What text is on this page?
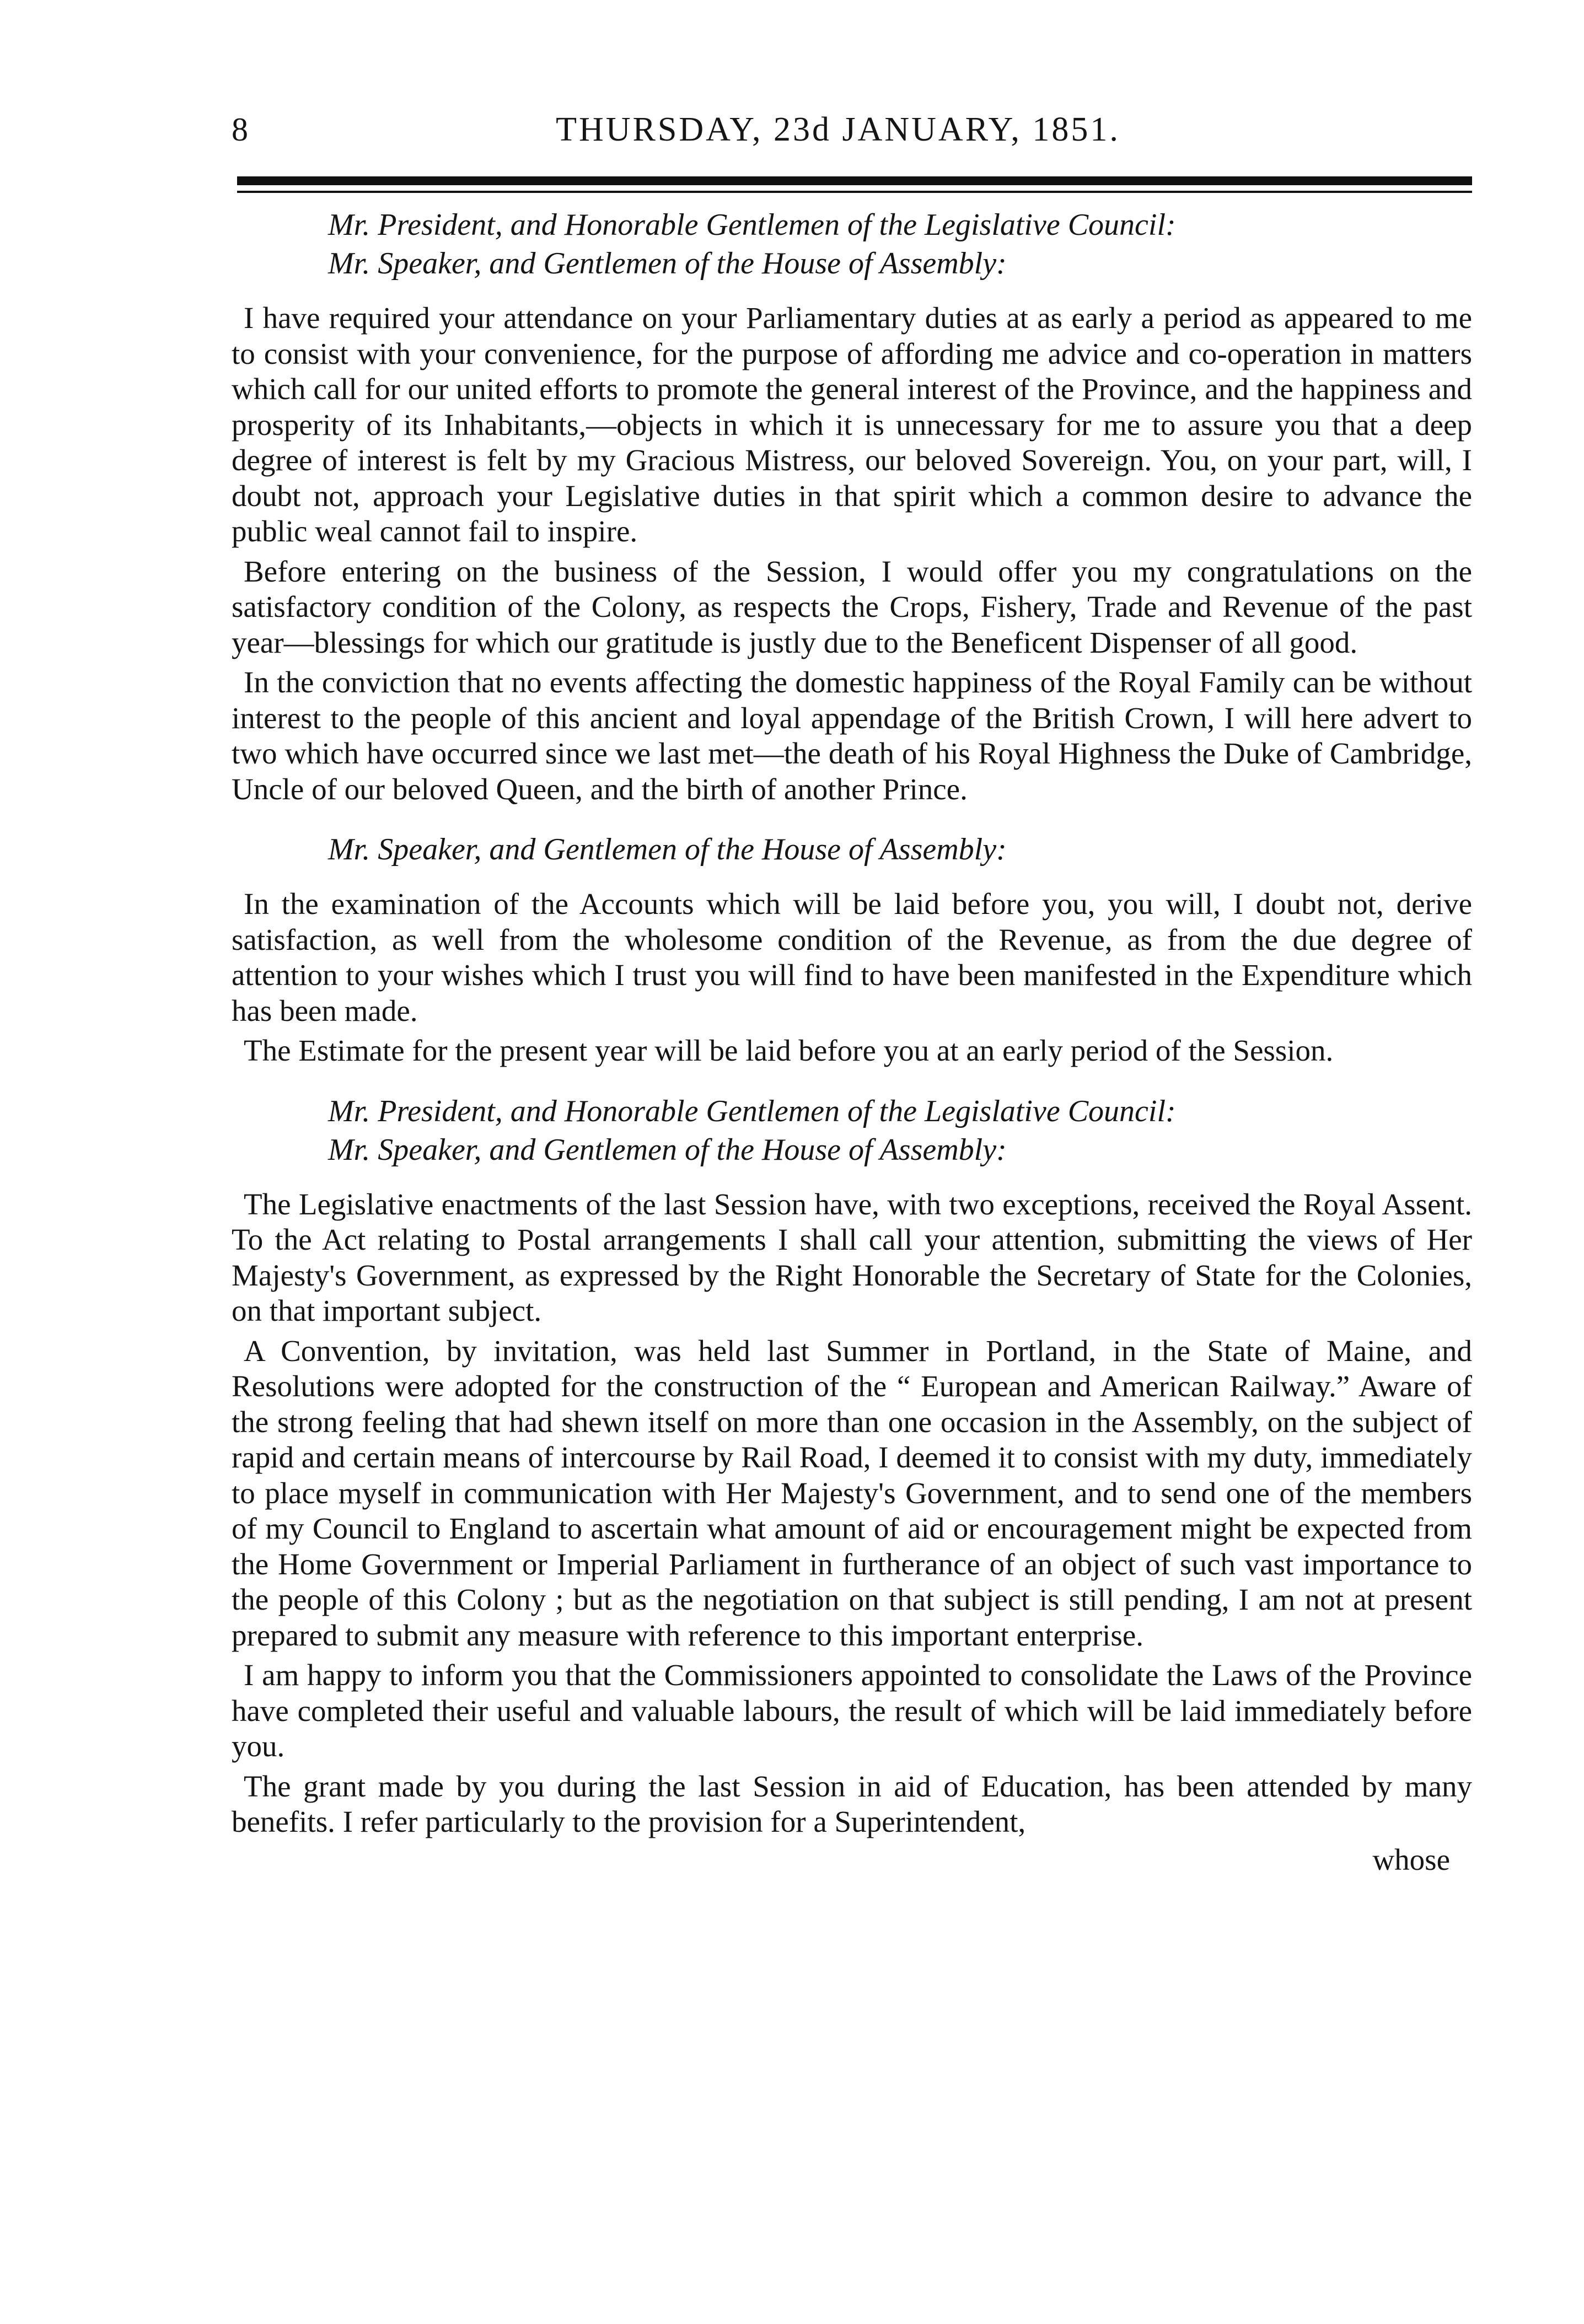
8	THURSDAY, 23d JANUARY, 1851.

Mr. President, and Honorable Gentlemen of the Legislative Council:

Mr. Speaker, and Gentlemen of the House of Assembly:

I have required your attendance on your Parliamentary duties at as early a period as appeared to me to consist with your convenience, for the purpose of affording me advice and co-operation in matters which call for our united efforts to promote the general interest of the Province, and the happiness and prosperity of its Inhabitants,—objects in which it is unnecessary for me to assure you that a deep degree of interest is felt by my Gracious Mistress, our beloved Sovereign. You, on your part, will, I doubt not, approach your Legislative duties in that spirit which a common desire to advance the public weal cannot fail to inspire.

Before entering on the business of the Session, I would offer you my congratulations on the satisfactory condition of the Colony, as respects the Crops, Fishery, Trade and Revenue of the past year—blessings for which our gratitude is justly due to the Beneficent Dispenser of all good.

In the conviction that no events affecting the domestic happiness of the Royal Family can be without interest to the people of this ancient and loyal appendage of the British Crown, I will here advert to two which have occurred since we last met—the death of his Royal Highness the Duke of Cambridge, Uncle of our beloved Queen, and the birth of another Prince.

Mr. Speaker, and Gentlemen of the House of Assembly:

In the examination of the Accounts which will be laid before you, you will, I doubt not, derive satisfaction, as well from the wholesome condition of the Revenue, as from the due degree of attention to your wishes which I trust you will find to have been manifested in the Expenditure which has been made.

The Estimate for the present year will be laid before you at an early period of the Session.

Mr. President, and Honorable Gentlemen of the Legislative Council:

Mr. Speaker, and Gentlemen of the House of Assembly:

The Legislative enactments of the last Session have, with two exceptions, received the Royal Assent. To the Act relating to Postal arrangements I shall call your attention, submitting the views of Her Majesty's Government, as expressed by the Right Honorable the Secretary of State for the Colonies, on that important subject.

A Convention, by invitation, was held last Summer in Portland, in the State of Maine, and Resolutions were adopted for the construction of the “ European and American Railway.” Aware of the strong feeling that had shewn itself on more than one occasion in the Assembly, on the subject of rapid and certain means of intercourse by Rail Road, I deemed it to consist with my duty, immediately to place myself in communication with Her Majesty's Government, and to send one of the members of my Council to England to ascertain what amount of aid or encouragement might be expected from the Home Government or Imperial Parliament in furtherance of an object of such vast importance to the people of this Colony ; but as the negotiation on that subject is still pending, I am not at present prepared to submit any measure with reference to this important enterprise.

I am happy to inform you that the Commissioners appointed to consolidate the Laws of the Province have completed their useful and valuable labours, the result of which will be laid immediately before you.

The grant made by you during the last Session in aid of Education, has been attended by many benefits. I refer particularly to the provision for a Superintendent,

whose
